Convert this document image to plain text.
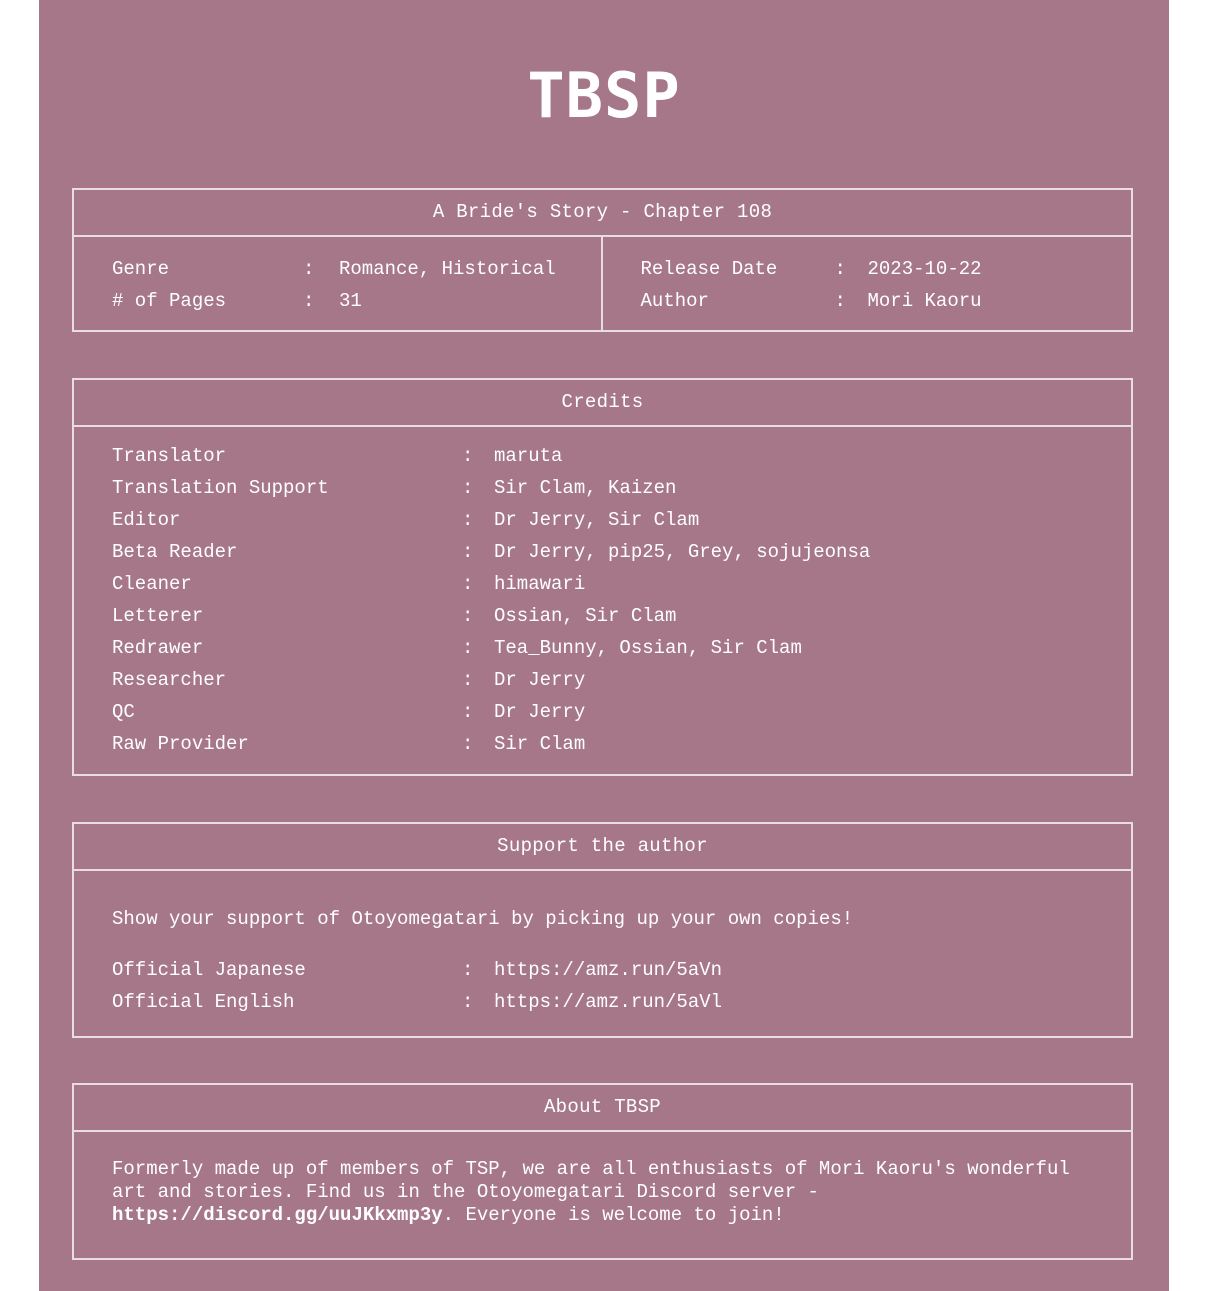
TBSP
A Bride's Story - Chapter 108
Genre	:	Romance, Historical
# of Pages	:	31
Release Date	:	2023-10-22
Author	:	Mori Kaoru
Credits
Translator	:	maruta
Translation Support	:	Sir Clam, Kaizen
Editor	:	Dr Jerry, Sir Clam
Beta Reader	:	Dr Jerry, pip25, Grey, sojujeonsa
Cleaner	:	himawari
Letterer	:	Ossian, Sir Clam
Redrawer	:	Tea_Bunny, Ossian, Sir Clam
Researcher	:	Dr Jerry
QC	:	Dr Jerry
Raw Provider	:	Sir Clam
Support the author
Show your support of Otoyomegatari by picking up your own copies!
Official Japanese	:	https://amz.run/5aVn
Official English	:	https://amz.run/5aVl
About TBSP
Formerly made up of members of TSP, we are all enthusiasts of Mori Kaoru's wonderful art and stories. Find us in the Otoyomegatari Discord server - https://discord.gg/uuJKkxmp3y. Everyone is welcome to join!
